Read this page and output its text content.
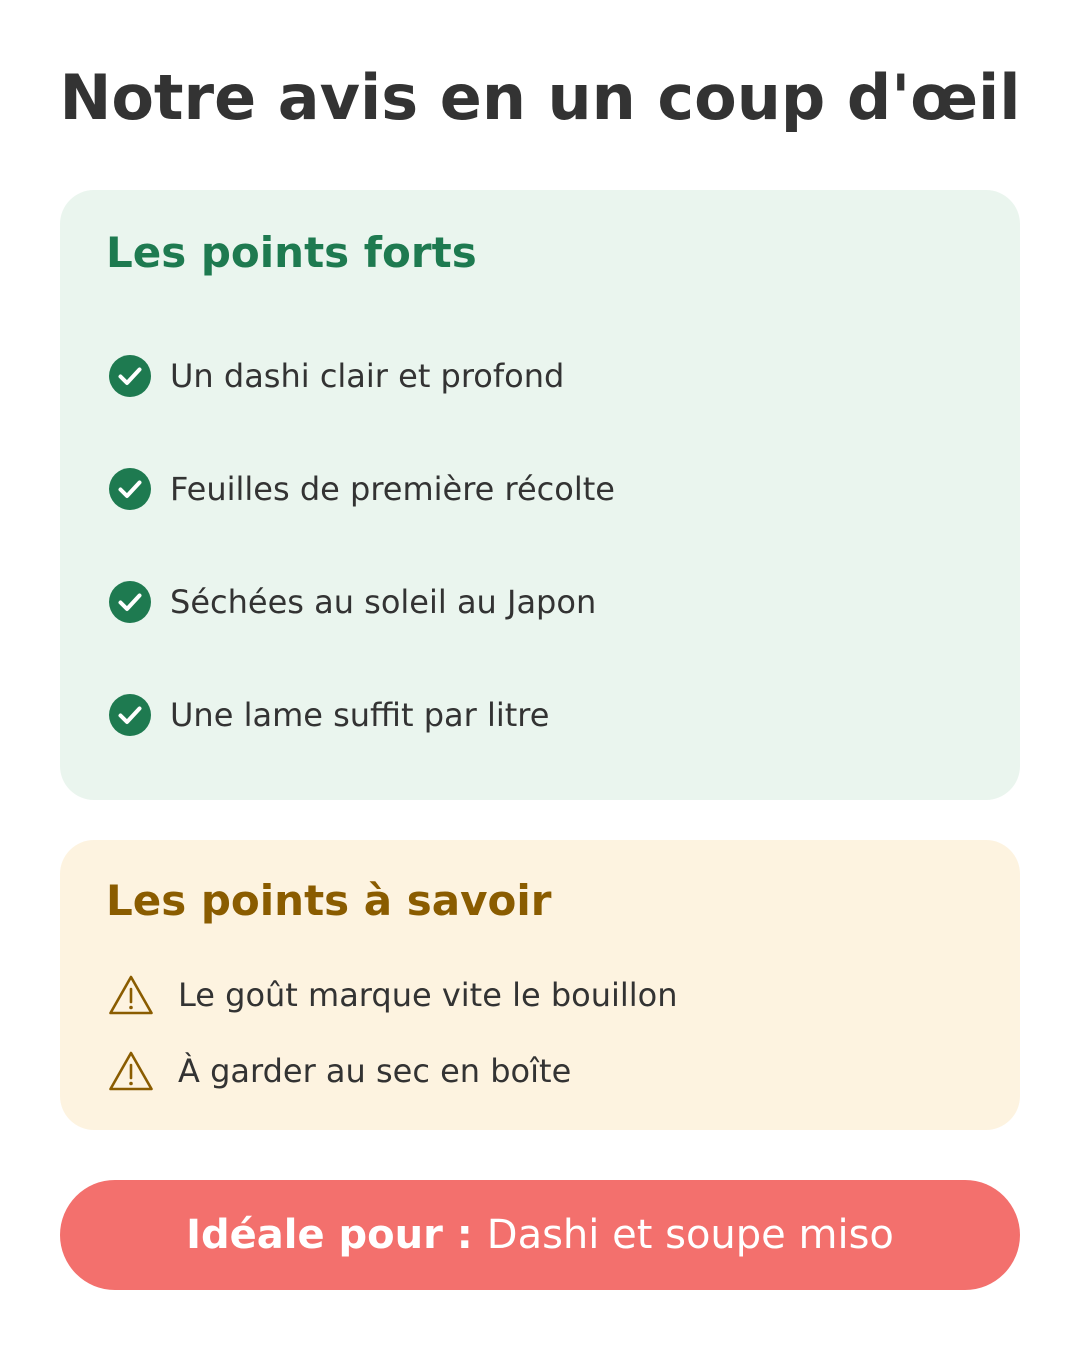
Notre avis en un coup d'œil
Les points forts
Un dashi clair et profond
Feuilles de première récolte
Séchées au soleil au Japon
Une lame suffit par litre
Les points à savoir
Le goût marque vite le bouillon
À garder au sec en boîte
Idéale pour : Dashi et soupe miso
